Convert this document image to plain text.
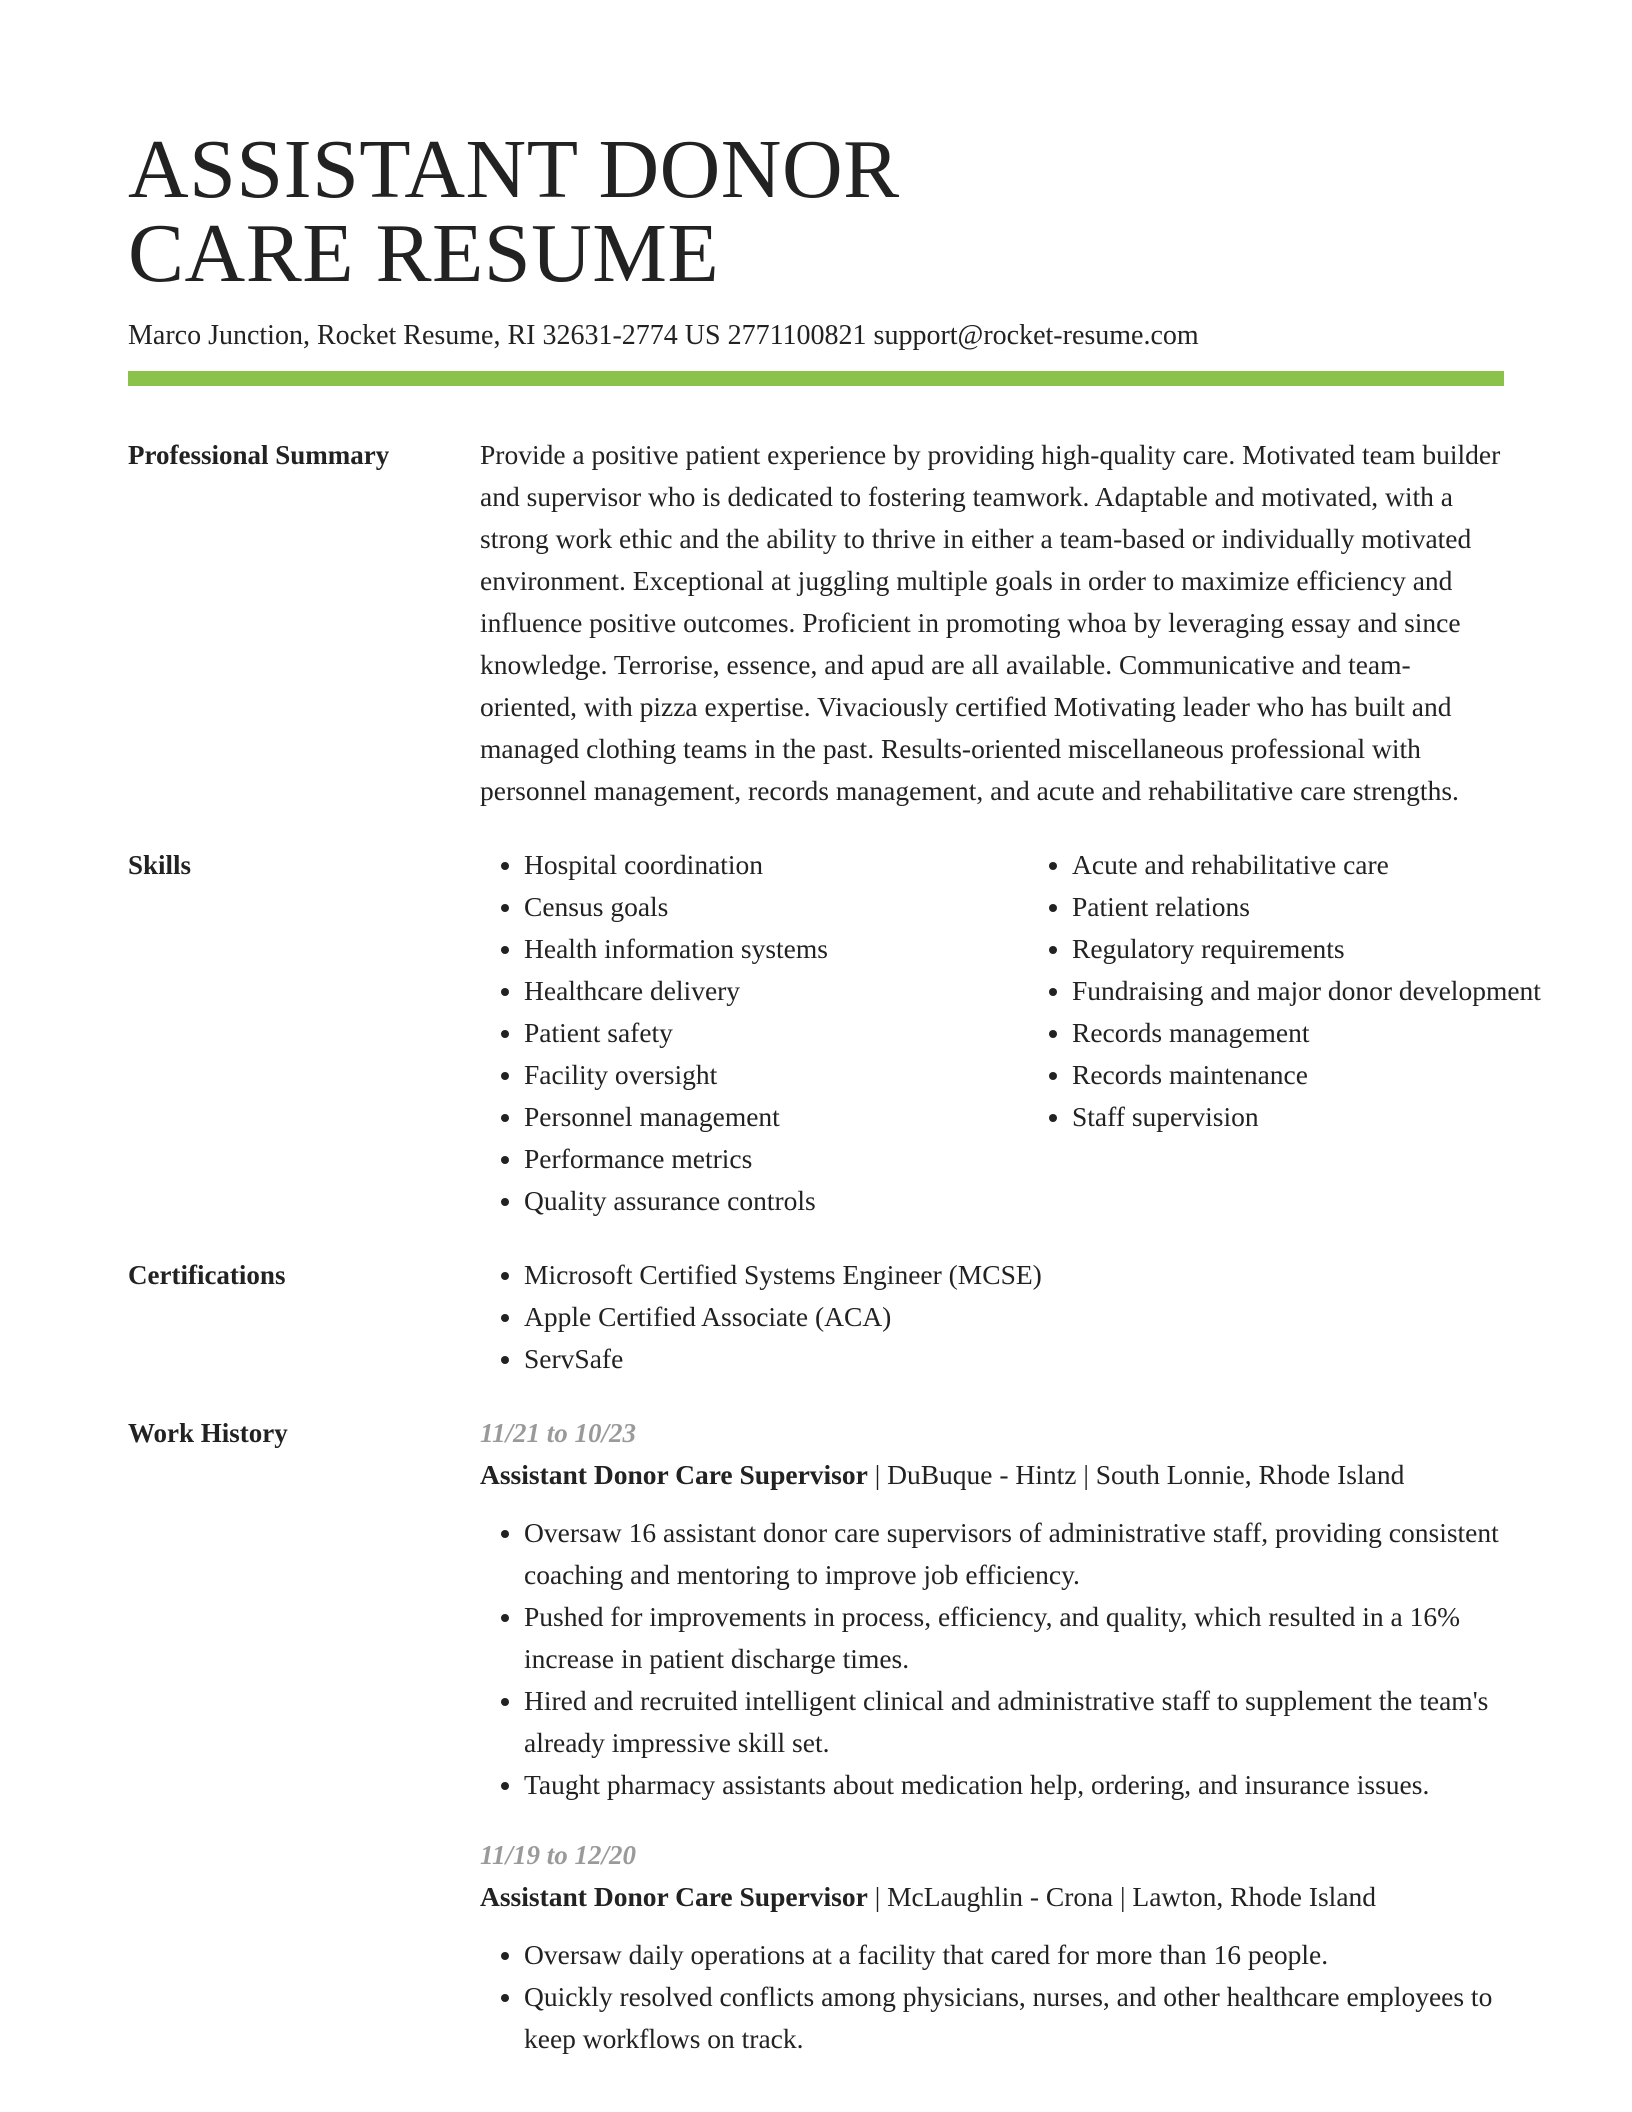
ASSISTANT DONOR
CARE RESUME
Marco Junction, Rocket Resume, RI 32631-2774 US 2771100821 support@rocket-resume.com
Professional Summary	Provide a positive patient experience by providing high-quality care. Motivated team builder and supervisor who is dedicated to fostering teamwork. Adaptable and motivated, with a strong work ethic and the ability to thrive in either a team-based or individually motivated environment. Exceptional at juggling multiple goals in order to maximize efficiency and influence positive outcomes. Proficient in promoting whoa by leveraging essay and since knowledge. Terrorise, essence, and apud are all available. Communicative and team-oriented, with pizza expertise. Vivaciously certified Motivating leader who has built and managed clothing teams in the past. Results-oriented miscellaneous professional with personnel management, records management, and acute and rehabilitative care strengths.

Skills	• Hospital coordination
• Census goals
• Health information systems
• Healthcare delivery
• Patient safety
• Facility oversight
• Personnel management
• Performance metrics
• Quality assurance controls
• Acute and rehabilitative care
• Patient relations
• Regulatory requirements
• Fundraising and major donor development
• Records management
• Records maintenance
• Staff supervision
Certifications	• Microsoft Certified Systems Engineer (MCSE)
• Apple Certified Associate (ACA)
• ServSafe
Work History	11/21 to 10/23
Assistant Donor Care Supervisor | DuBuque - Hintz | South Lonnie, Rhode Island
• Oversaw 16 assistant donor care supervisors of administrative staff, providing consistent coaching and mentoring to improve job efficiency.
• Pushed for improvements in process, efficiency, and quality, which resulted in a 16% increase in patient discharge times.
• Hired and recruited intelligent clinical and administrative staff to supplement the team's already impressive skill set.
• Taught pharmacy assistants about medication help, ordering, and insurance issues.
11/19 to 12/20
Assistant Donor Care Supervisor | McLaughlin - Crona | Lawton, Rhode Island
• Oversaw daily operations at a facility that cared for more than 16 people.
• Quickly resolved conflicts among physicians, nurses, and other healthcare employees to keep workflows on track.
